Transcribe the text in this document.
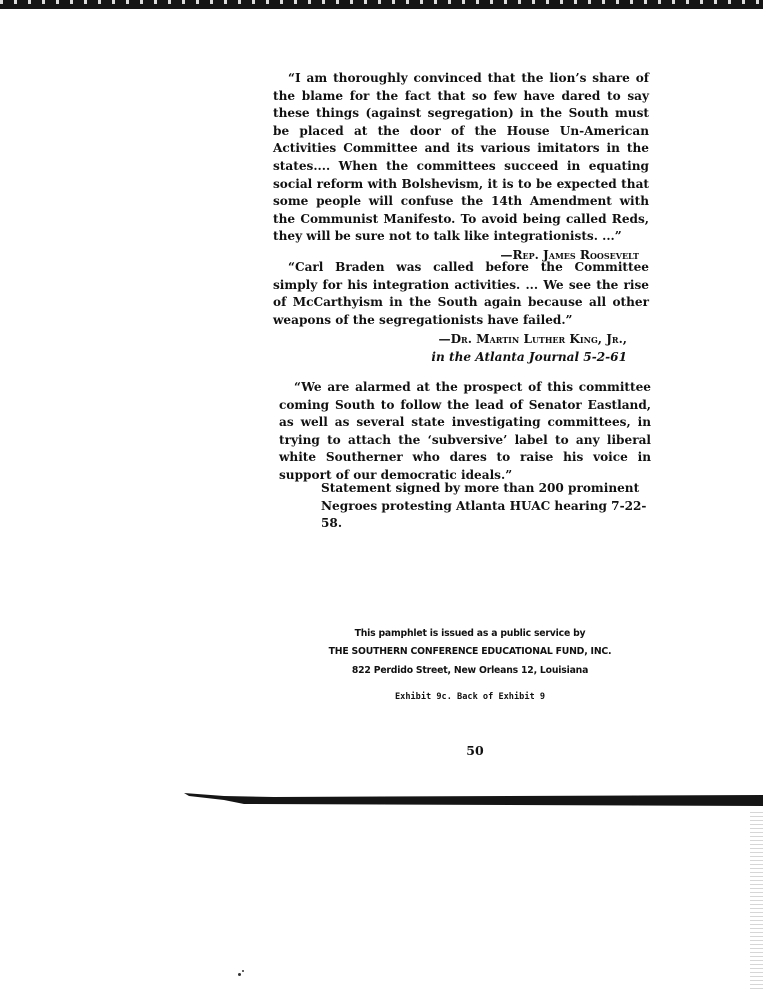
“I am thoroughly convinced that the lion’s share of the blame for the fact that so few have dared to say these things (against segregation) in the South must be placed at the door of the House Un-American Activities Committee and its various imitators in the states.... When the committees succeed in equating social reform with Bolshevism, it is to be expected that some people will confuse the 14th Amendment with the Communist Manifesto. To avoid being called Reds, they will be sure not to talk like integrationists. ...”

—Rep. James Roosevelt

“Carl Braden was called before the Committee simply for his integration activities. ... We see the rise of McCarthyism in the South again because all other weapons of the segregationists have failed.”

—Dr. Martin Luther King, Jr.,

in the Atlanta Journal 5-2-61

“We are alarmed at the prospect of this committee coming South to follow the lead of Senator Eastland, as well as several state investigating committees, in trying to attach the ‘subversive’ label to any liberal white Southerner who dares to raise his voice in support of our democratic ideals.”

Statement signed by more than 200 prominent Negroes protesting Atlanta HUAC hearing 7-22-58.

This pamphlet is issued as a public service by
THE SOUTHERN CONFERENCE EDUCATIONAL FUND, INC.
822 Perdido Street, New Orleans 12, Louisiana
Exhibit 9c. Back of Exhibit 9
50
